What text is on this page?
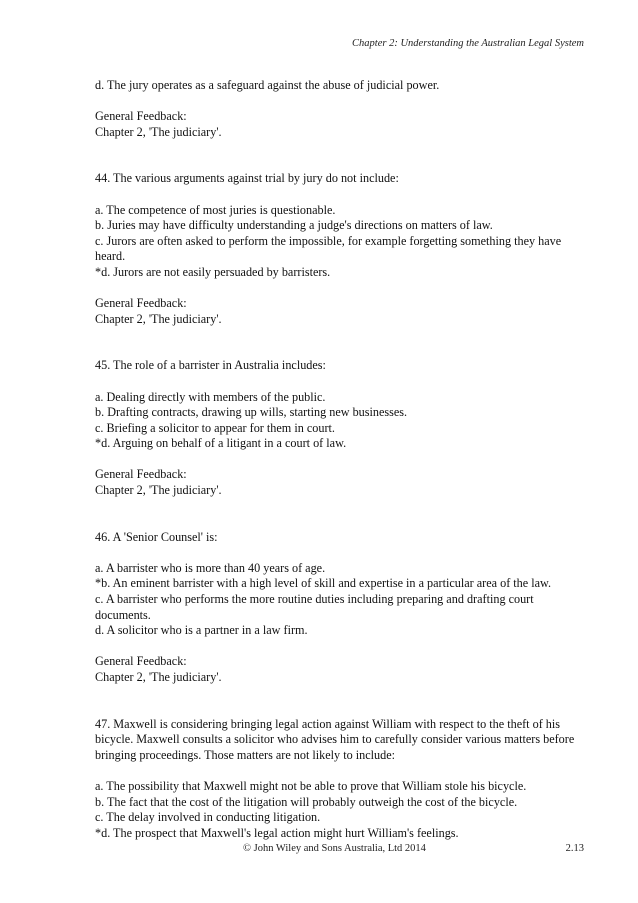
Chapter 2: Understanding the Australian Legal System

d. The jury operates as a safeguard against the abuse of judicial power.

General Feedback:

Chapter 2, 'The judiciary'.

44. The various arguments against trial by jury do not include:

a. The competence of most juries is questionable.

b. Juries may have difficulty understanding a judge's directions on matters of law.

c. Jurors are often asked to perform the impossible, for example forgetting something they have heard.

*d. Jurors are not easily persuaded by barristers.

General Feedback:

Chapter 2, 'The judiciary'.

45. The role of a barrister in Australia includes:

a. Dealing directly with members of the public.

b. Drafting contracts, drawing up wills, starting new businesses.

c. Briefing a solicitor to appear for them in court.

*d. Arguing on behalf of a litigant in a court of law.

General Feedback:

Chapter 2, 'The judiciary'.

46. A 'Senior Counsel' is:

a. A barrister who is more than 40 years of age.

*b. An eminent barrister with a high level of skill and expertise in a particular area of the law.

c. A barrister who performs the more routine duties including preparing and drafting court documents.

d. A solicitor who is a partner in a law firm.

General Feedback:

Chapter 2, 'The judiciary'.

47. Maxwell is considering bringing legal action against William with respect to the theft of his bicycle. Maxwell consults a solicitor who advises him to carefully consider various matters before bringing proceedings. Those matters are not likely to include:

a. The possibility that Maxwell might not be able to prove that William stole his bicycle.

b. The fact that the cost of the litigation will probably outweigh the cost of the bicycle.

c. The delay involved in conducting litigation.

*d. The prospect that Maxwell's legal action might hurt William's feelings.

© John Wiley and Sons Australia, Ltd 2014	2.13
